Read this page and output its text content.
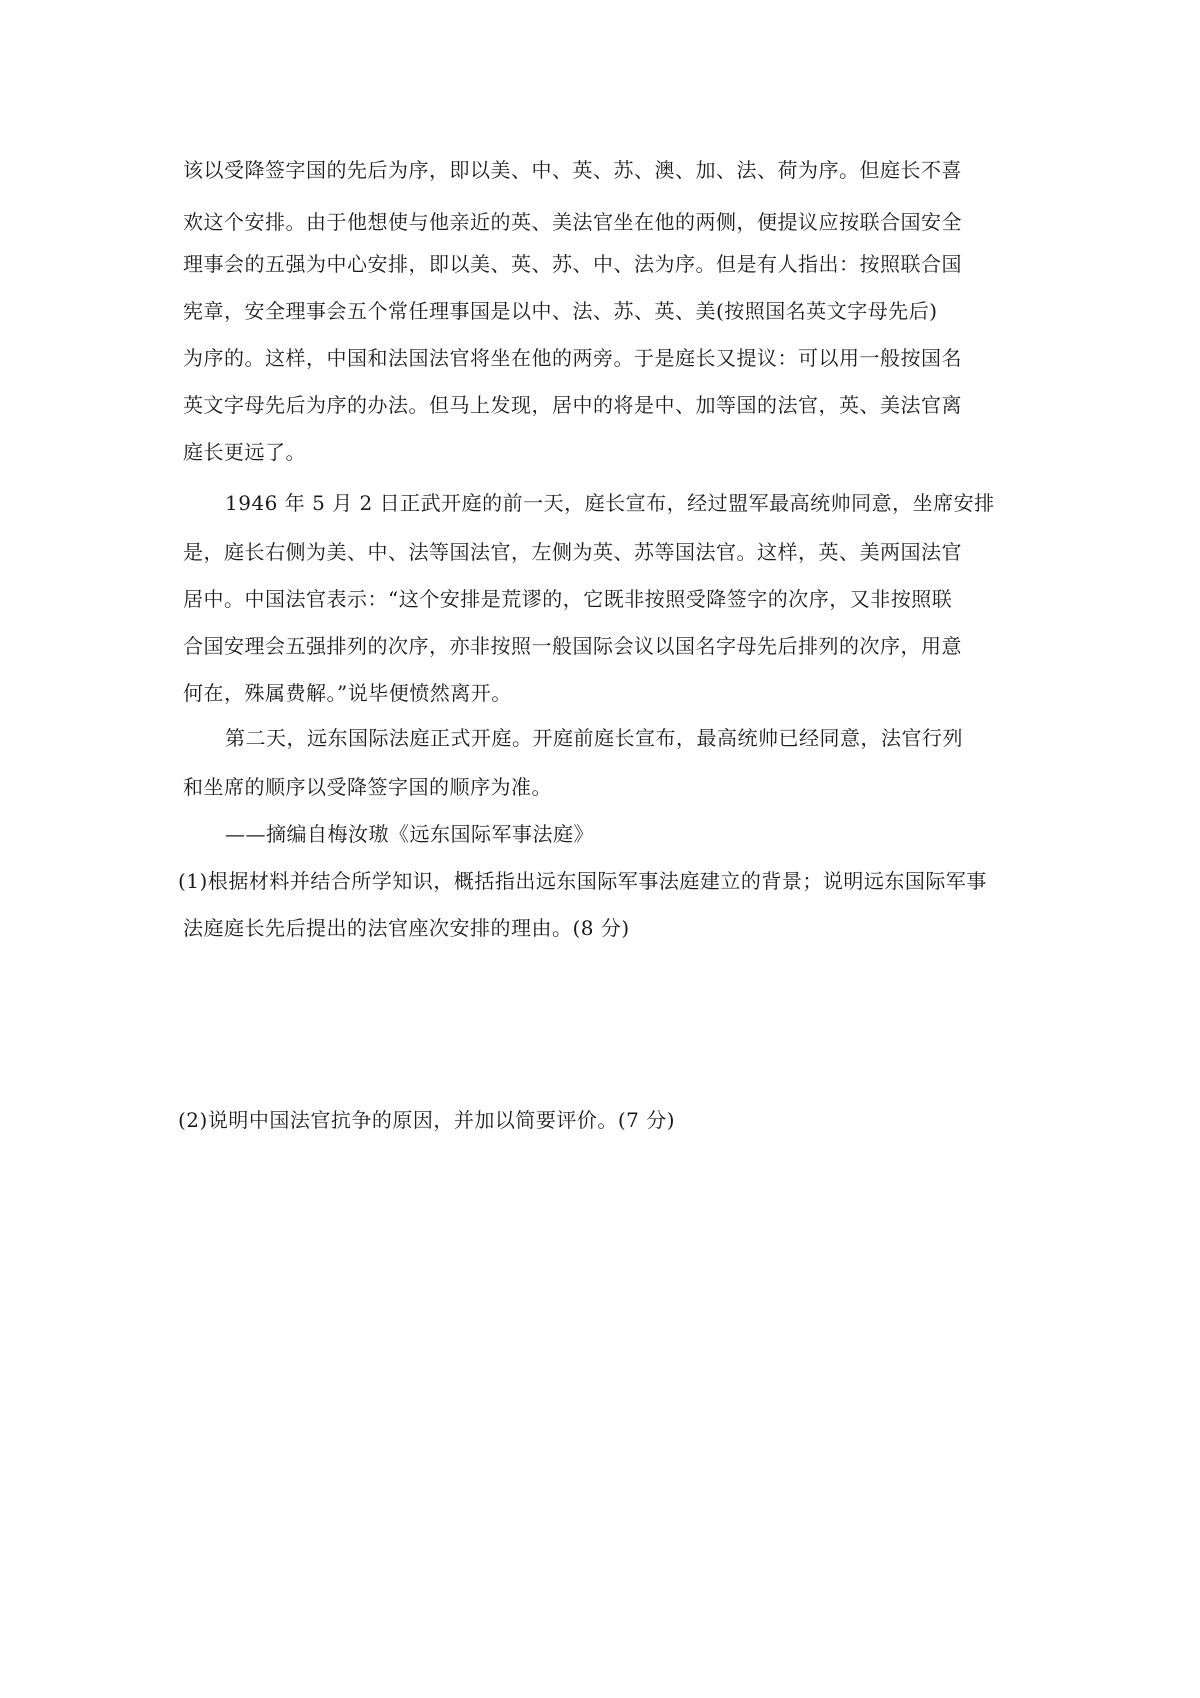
该以受降签字国的先后为序，即以美、中、英、苏、澳、加、法、荷为序。但庭长不喜
欢这个安排。由于他想使与他亲近的英、美法官坐在他的两侧，便提议应按联合国安全
理事会的五强为中心安排，即以美、英、苏、中、法为序。但是有人指出：按照联合国
宪章，安全理事会五个常任理事国是以中、法、苏、英、美(按照国名英文字母先后)
为序的。这样，中国和法国法官将坐在他的两旁。于是庭长又提议：可以用一般按国名
英文字母先后为序的办法。但马上发现，居中的将是中、加等国的法官，英、美法官离
庭长更远了。
1946 年 5 月 2 日正武开庭的前一天，庭长宣布，经过盟军最高统帅同意，坐席安排
是，庭长右侧为美、中、法等国法官，左侧为英、苏等国法官。这样，英、美两国法官
居中。中国法官表示：“这个安排是荒谬的，它既非按照受降签字的次序，又非按照联
合国安理会五强排列的次序，亦非按照一般国际会议以国名字母先后排列的次序，用意
何在，殊属费解。”说毕便愤然离开。
第二天，远东国际法庭正式开庭。开庭前庭长宣布，最高统帅已经同意，法官行列
和坐席的顺序以受降签字国的顺序为准。
——摘编自梅汝璈《远东国际军事法庭》
(1)根据材料并结合所学知识，概括指出远东国际军事法庭建立的背景；说明远东国际军事
法庭庭长先后提出的法官座次安排的理由。(8 分)
(2)说明中国法官抗争的原因，并加以简要评价。(7 分)
